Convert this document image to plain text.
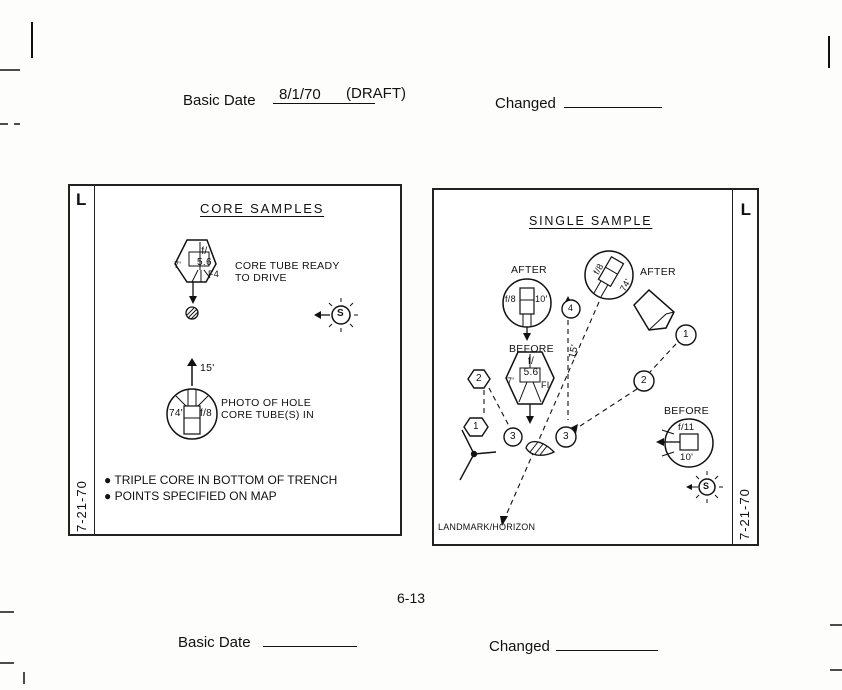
Basic Date	8/1/70	(DRAFT)
Changed
L
7-21-70
CORE SAMPLES
f/
5.6
7'
F4
CORE TUBE READY
TO DRIVE
S
15'
74' f/8
PHOTO OF HOLE
CORE TUBE(S) IN
● TRIPLE CORE IN BOTTOM OF TRENCH
● POINTS SPECIFIED ON MAP
L
7-21-70
SINGLE SAMPLE
AFTER
f/8 10'
AFTER
f/8
74'
BEFORE
f/
5.6
7'	FI
BEFORE
f/11
10'
15'
S
1
2
2
3
3
1
4
LANDMARK/HORIZON
6-13
Basic Date	Changed
